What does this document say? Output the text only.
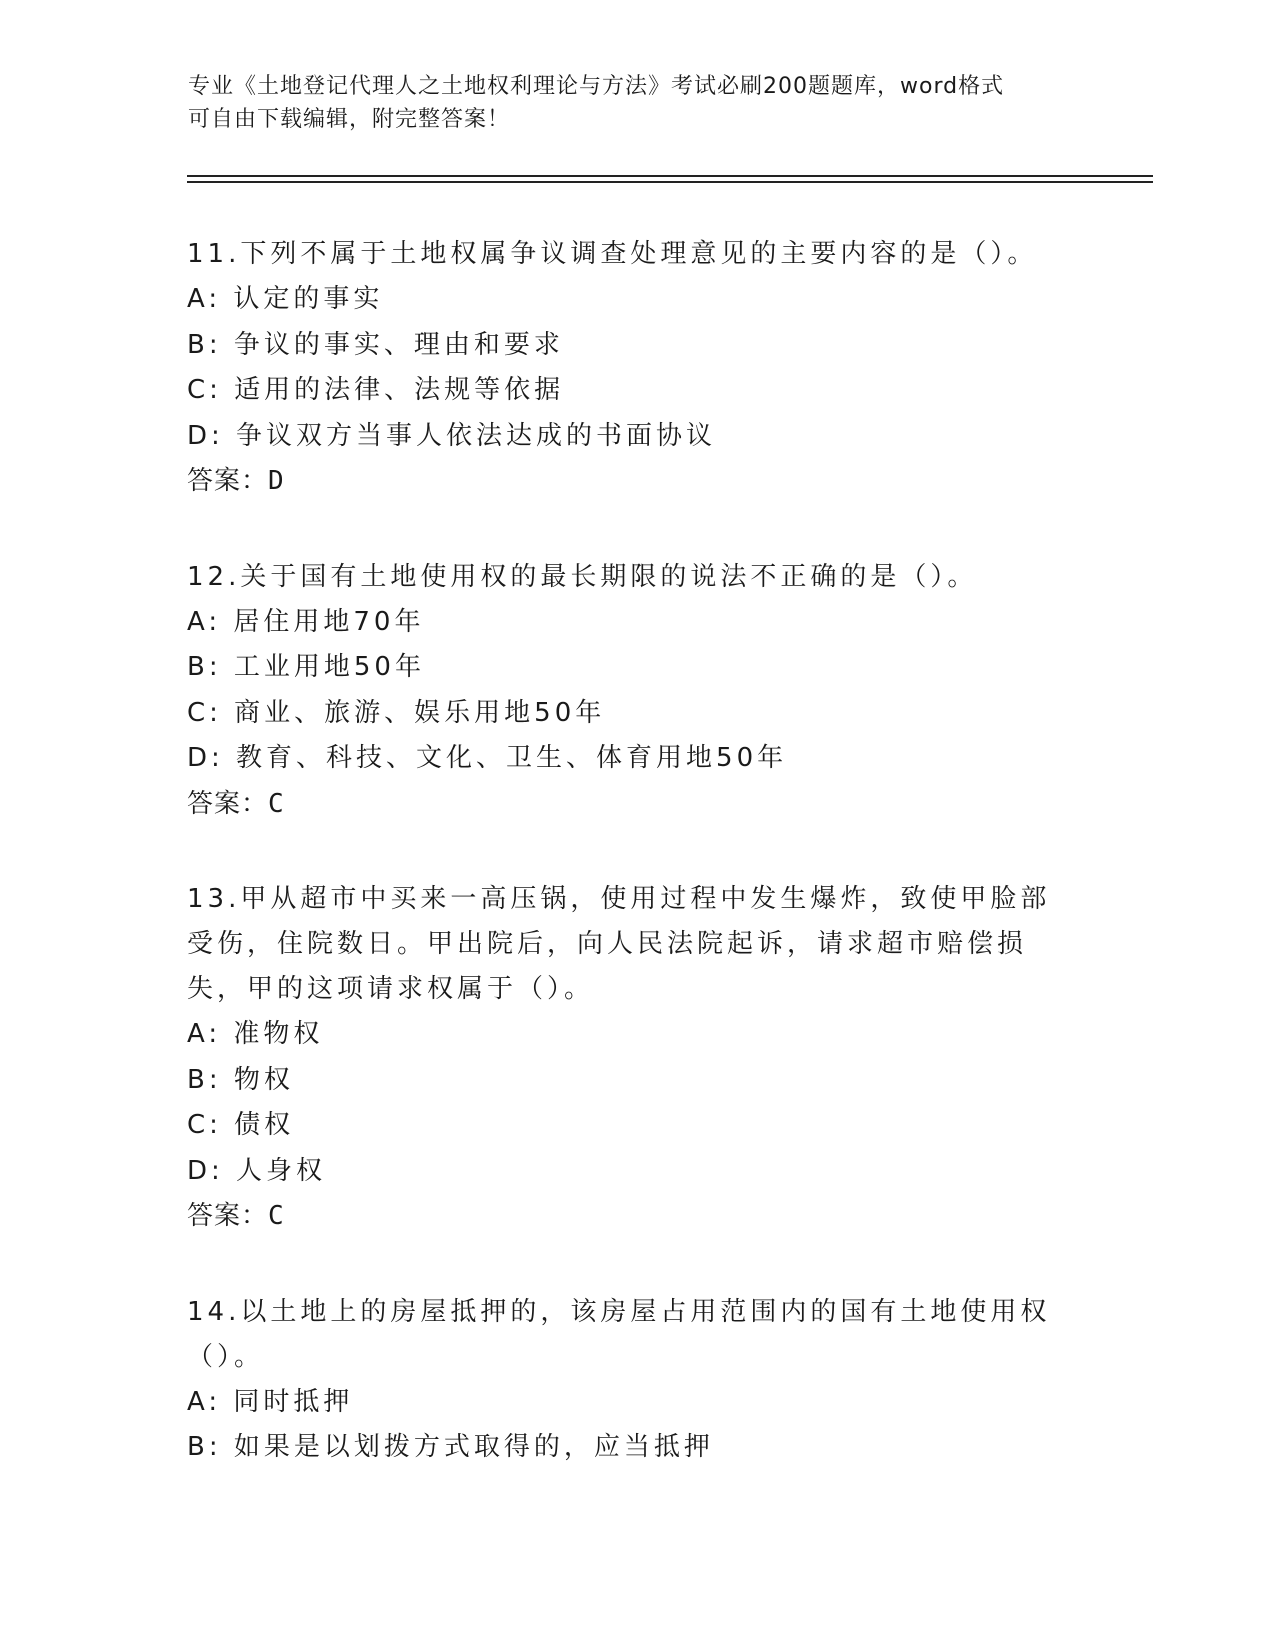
专业《土地登记代理人之土地权利理论与方法》考试必刷200题题库，word格式
可自由下载编辑，附完整答案！

11.下列不属于土地权属争议调查处理意见的主要内容的是（）。

A: 认定的事实

B: 争议的事实、理由和要求

C: 适用的法律、法规等依据

D: 争议双方当事人依法达成的书面协议

答案：D

12.关于国有土地使用权的最长期限的说法不正确的是（）。

A: 居住用地70年

B: 工业用地50年

C: 商业、旅游、娱乐用地50年

D: 教育、科技、文化、卫生、体育用地50年

答案：C

13.甲从超市中买来一高压锅，使用过程中发生爆炸，致使甲脸部受伤，住院数日。甲出院后，向人民法院起诉，请求超市赔偿损失，甲的这项请求权属于（）。

A: 准物权

B: 物权

C: 债权

D: 人身权

答案：C

14.以土地上的房屋抵押的，该房屋占用范围内的国有土地使用权（）。

A: 同时抵押

B: 如果是以划拨方式取得的，应当抵押
